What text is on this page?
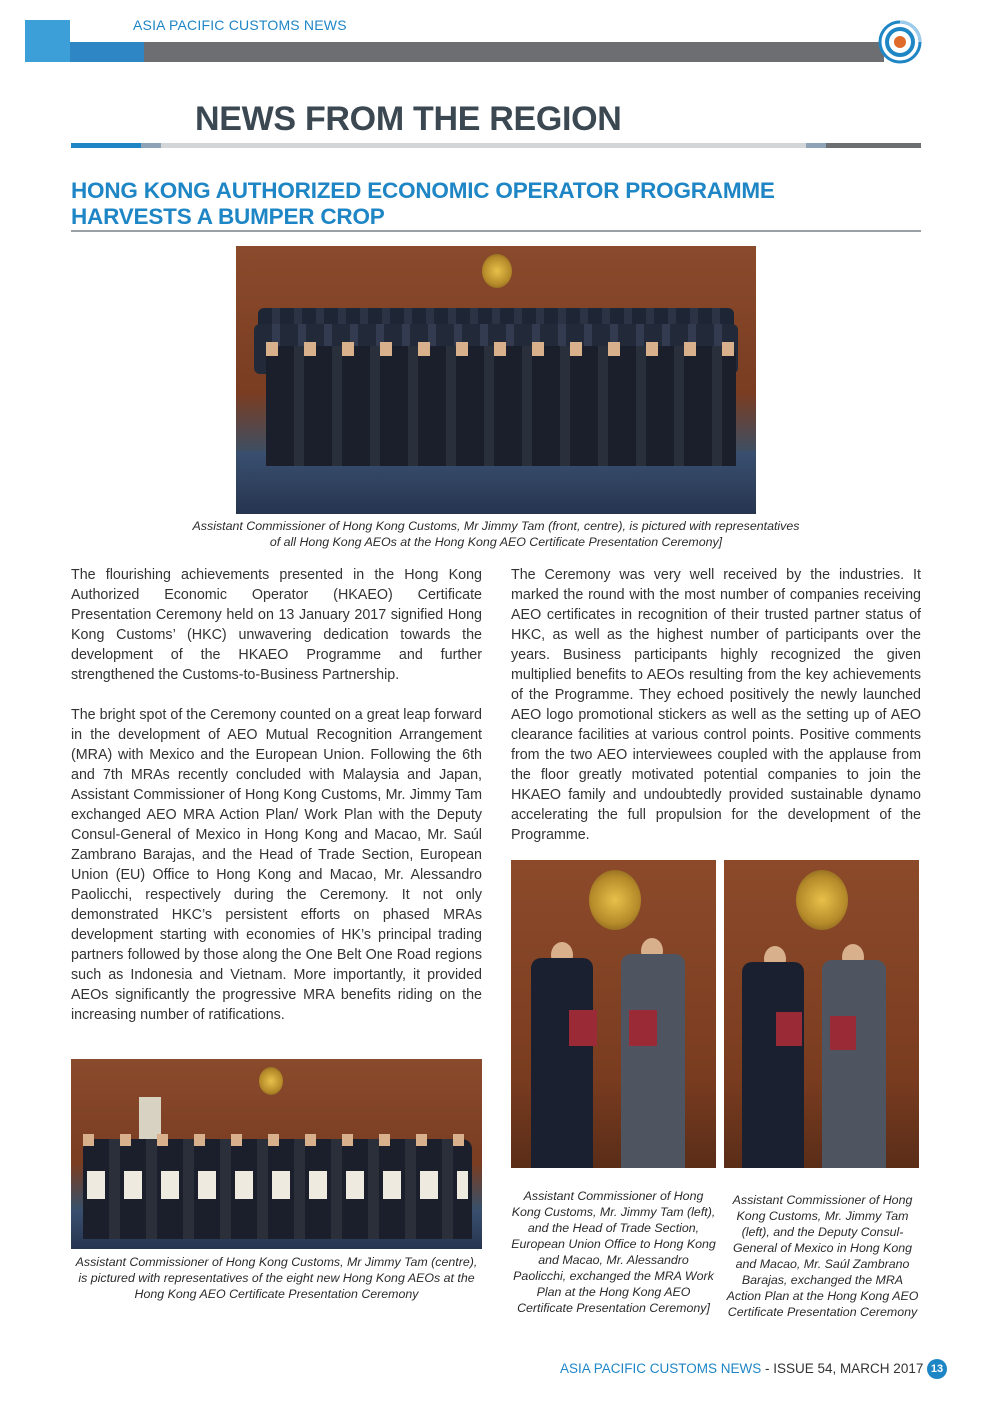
ASIA PACIFIC CUSTOMS NEWS
NEWS FROM THE REGION
HONG KONG AUTHORIZED ECONOMIC OPERATOR PROGRAMME
HARVESTS A BUMPER CROP
Assistant Commissioner of Hong Kong Customs, Mr Jimmy Tam (front, centre), is pictured with representatives
of all Hong Kong AEOs at the Hong Kong AEO Certificate Presentation Ceremony]

The flourishing achievements presented in the Hong Kong Authorized Economic Operator (HKAEO) Certificate Presentation Ceremony held on 13 January 2017 signified Hong Kong Customs’ (HKC) unwavering dedication towards the development of the HKAEO Programme and further strengthened the Customs-to-Business Partnership.

The bright spot of the Ceremony counted on a great leap forward in the development of AEO Mutual Recognition Arrangement (MRA) with Mexico and the European Union. Following the 6th and 7th MRAs recently concluded with Malaysia and Japan, Assistant Commissioner of Hong Kong Customs, Mr. Jimmy Tam exchanged AEO MRA Action Plan/ Work Plan with the Deputy Consul-General of Mexico in Hong Kong and Macao, Mr. Saúl Zambrano Barajas, and the Head of Trade Section, European Union (EU) Office to Hong Kong and Macao, Mr. Alessandro Paolicchi, respectively during the Ceremony. It not only demonstrated HKC’s persistent efforts on phased MRAs development starting with economies of HK’s principal trading partners followed by those along the One Belt One Road regions such as Indonesia and Vietnam. More importantly, it provided AEOs significantly the progressive MRA benefits riding on the increasing number of ratifications.

The Ceremony was very well received by the industries. It marked the round with the most number of companies receiving AEO certificates in recognition of their trusted partner status of HKC, as well as the highest number of participants over the years. Business participants highly recognized the given multiplied benefits to AEOs resulting from the key achievements of the Programme. They echoed positively the newly launched AEO logo promotional stickers as well as the setting up of AEO clearance facilities at various control points. Positive comments from the two AEO interviewees coupled with the applause from the floor greatly motivated potential companies to join the HKAEO family and undoubtedly provided sustainable dynamo accelerating the full propulsion for the development of the Programme.

Assistant Commissioner of Hong Kong Customs, Mr Jimmy Tam (centre), is pictured with representatives of the eight new Hong Kong AEOs at the Hong Kong AEO Certificate Presentation Ceremony
Assistant Commissioner of Hong Kong Customs, Mr. Jimmy Tam (left), and the Head of Trade Section, European Union Office to Hong Kong and Macao, Mr. Alessandro Paolicchi, exchanged the MRA Work Plan at the Hong Kong AEO Certificate Presentation Ceremony]
Assistant Commissioner of Hong Kong Customs, Mr. Jimmy Tam (left), and the Deputy Consul-General of Mexico in Hong Kong and Macao, Mr. Saúl Zambrano Barajas, exchanged the MRA Action Plan at the Hong Kong AEO Certificate Presentation Ceremony
ASIA PACIFIC CUSTOMS NEWS - ISSUE 54, MARCH 2017 13
